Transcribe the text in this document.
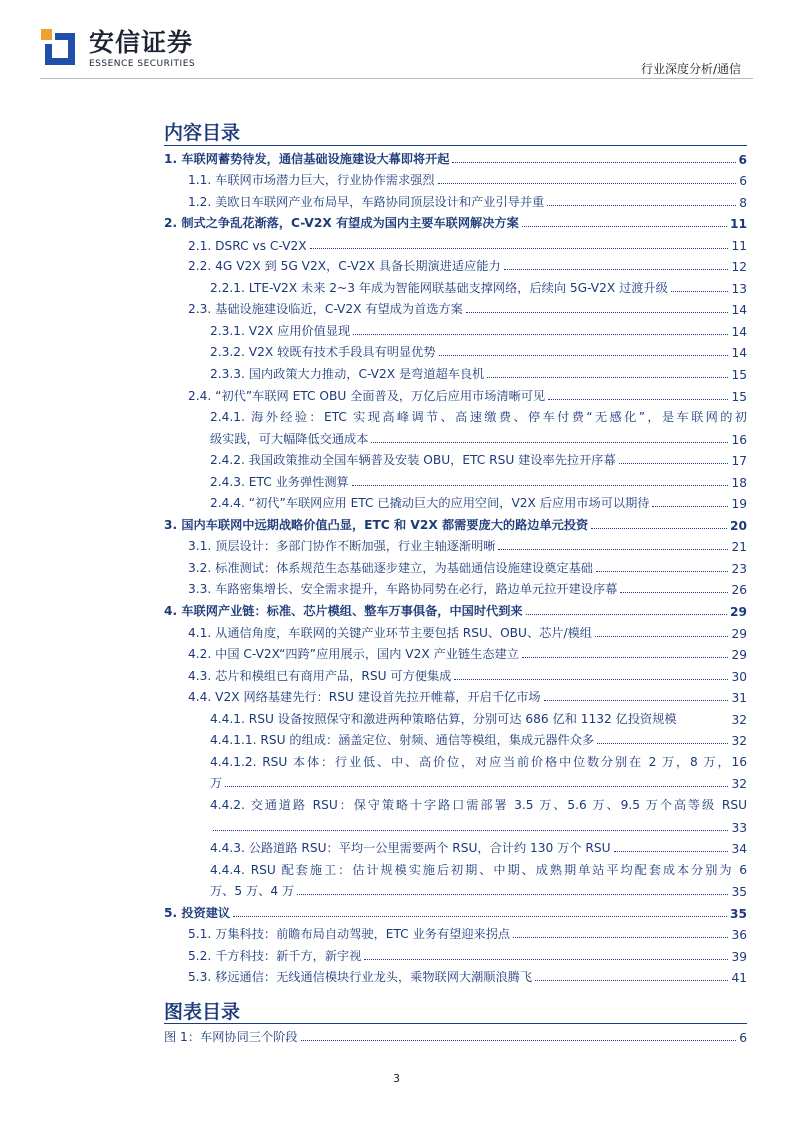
安信证券
ESSENCE SECURITIES	行业深度分析/通信
内容目录
1. 车联网蓄势待发，通信基础设施建设大幕即将开起	6
1.1. 车联网市场潜力巨大，行业协作需求强烈	6
1.2. 美欧日车联网产业布局早，车路协同顶层设计和产业引导并重	8
2. 制式之争乱花渐落，C-V2X 有望成为国内主要车联网解决方案	11
2.1. DSRC vs C-V2X	11
2.2. 4G V2X 到 5G V2X，C-V2X 具备长期演进适应能力	12
2.2.1. LTE-V2X 未来 2~3 年成为智能网联基础支撑网络，后续向 5G-V2X 过渡升级	13
2.3. 基础设施建设临近，C-V2X 有望成为首选方案	14
2.3.1. V2X 应用价值显现	14
2.3.2. V2X 较既有技术手段具有明显优势	14
2.3.3. 国内政策大力推动，C-V2X 是弯道超车良机	15
2.4. “初代”车联网 ETC OBU 全面普及，万亿后应用市场清晰可见	15
2.4.1. 海外经验：ETC 实现高峰调节、高速缴费、停车付费“无感化”，是车联网的初
级实践，可大幅降低交通成本	16
2.4.2. 我国政策推动全国车辆普及安装 OBU，ETC RSU 建设率先拉开序幕	17
2.4.3. ETC 业务弹性测算	18
2.4.4. “初代”车联网应用 ETC 已撬动巨大的应用空间，V2X 后应用市场可以期待	19
3. 国内车联网中远期战略价值凸显，ETC 和 V2X 都需要庞大的路边单元投资	20
3.1. 顶层设计：多部门协作不断加强，行业主轴逐渐明晰	21
3.2. 标准测试：体系规范生态基础逐步建立，为基础通信设施建设奠定基础	23
3.3. 车路密集增长、安全需求提升，车路协同势在必行，路边单元拉开建设序幕	26
4. 车联网产业链：标准、芯片模组、整车万事俱备，中国时代到来	29
4.1. 从通信角度，车联网的关键产业环节主要包括 RSU、OBU、芯片/模组	29
4.2. 中国 C-V2X“四跨”应用展示，国内 V2X 产业链生态建立	29
4.3. 芯片和模组已有商用产品，RSU 可方便集成	30
4.4. V2X 网络基建先行：RSU 建设首先拉开帷幕，开启千亿市场	31
4.4.1. RSU 设备按照保守和激进两种策略估算，分别可达 686 亿和 1132 亿投资规模	32
4.4.1.1. RSU 的组成：涵盖定位、射频、通信等模组，集成元器件众多	32
4.4.1.2. RSU 本体：行业低、中、高价位，对应当前价格中位数分别在 2 万，8 万，16
万	32
4.4.2. 交通道路 RSU：保守策略十字路口需部署 3.5 万、5.6 万、9.5 万个高等级 RSU
33
4.4.3. 公路道路 RSU：平均一公里需要两个 RSU，合计约 130 万个 RSU	34
4.4.4. RSU 配套施工：估计规模实施后初期、中期、成熟期单站平均配套成本分别为 6
万、5 万、4 万	35
5. 投资建议	35
5.1. 万集科技：前瞻布局自动驾驶，ETC 业务有望迎来拐点	36
5.2. 千方科技：新千方，新宇视	39
5.3. 移远通信：无线通信模块行业龙头，乘物联网大潮顺浪腾飞	41
图表目录
图 1：车网协同三个阶段	6
3
